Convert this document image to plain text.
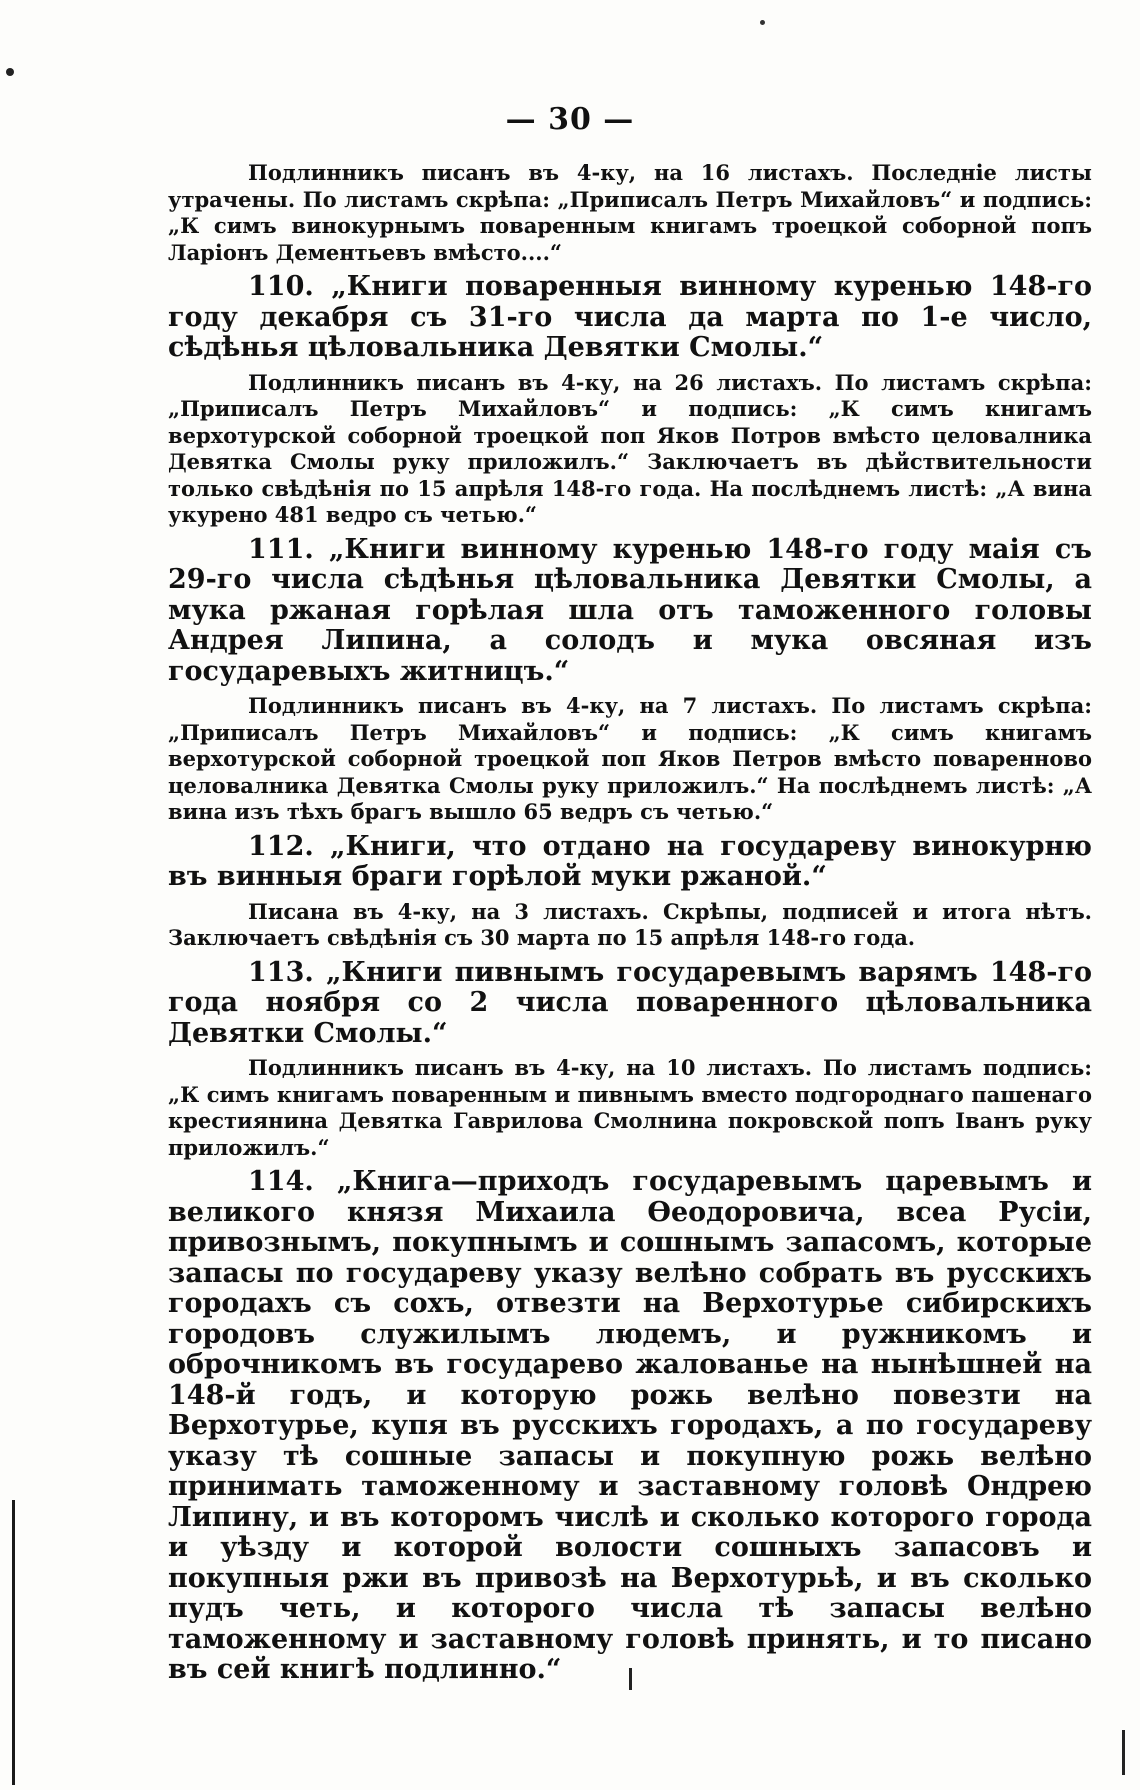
— 30 —

Подлинникъ писанъ въ 4-ку, на 16 листахъ. Последніе листы утрачены. По листамъ скрѣпа: „Приписалъ Петръ Михайловъ“ и подпись: „К симъ винокурнымъ поваренным книгамъ троецкой соборной попъ Ларіонъ Дементьевъ вмѣсто....“

110. „Книги поваренныя винному куренью 148-го году декабря съ 31-го числа да марта по 1-е число, сѣдѣнья цѣловальника Девятки Смолы.“

Подлинникъ писанъ въ 4-ку, на 26 листахъ. По листамъ скрѣпа: „Приписалъ Петръ Михайловъ“ и подпись: „К симъ книгамъ верхотурской соборной троецкой поп Яков Потров вмѣсто целовалника Девятка Смолы руку приложилъ.“ Заключаетъ въ дѣйствительности только свѣдѣнія по 15 апрѣля 148-го года. На послѣднемъ листѣ: „А вина укурено 481 ведро съ четью.“

111. „Книги винному куренью 148-го году маія съ 29-го числа сѣдѣнья цѣловальника Девятки Смолы, а мука ржаная горѣлая шла отъ таможенного головы Андрея Липина, а солодъ и мука овсяная изъ государевыхъ житницъ.“

Подлинникъ писанъ въ 4-ку, на 7 листахъ. По листамъ скрѣпа: „Приписалъ Петръ Михайловъ“ и подпись: „К симъ книгамъ верхотурской соборной троецкой поп Яков Петров вмѣсто поваренново целовалника Девятка Смолы руку приложилъ.“ На послѣднемъ листѣ: „А вина изъ тѣхъ брагъ вышло 65 ведръ съ четью.“

112. „Книги, что отдано на государеву винокурню въ винныя браги горѣлой муки ржаной.“

Писана въ 4-ку, на 3 листахъ. Скрѣпы, подписей и итога нѣтъ. Заключаетъ свѣдѣнія съ 30 марта по 15 апрѣля 148-го года.

113. „Книги пивнымъ государевымъ варямъ 148-го года ноября со 2 числа поваренного цѣловальника Девятки Смолы.“

Подлинникъ писанъ въ 4-ку, на 10 листахъ. По листамъ подпись: „К симъ книгамъ поваренным и пивнымъ вместо подгороднаго пашенаго крестиянина Девятка Гаврилова Смолнина покровской попъ Іванъ руку приложилъ.“

114. „Книга—приходъ государевымъ царевымъ и великого князя Михаила Өеодоровича, всеа Русіи, привознымъ, покупнымъ и сошнымъ запасомъ, которые запасы по государеву указу велѣно собрать въ русскихъ городахъ съ сохъ, отвезти на Верхотурье сибирскихъ городовъ служилымъ людемъ, и ружникомъ и оброчникомъ въ государево жалованье на нынѣшней на 148-й годъ, и которую рожь велѣно повезти на Верхотурье, купя въ русскихъ городахъ, а по государеву указу тѣ сошные запасы и покупную рожь велѣно принимать таможенному и заставному головѣ Ондрею Липину, и въ которомъ числѣ и сколько которого города и уѣзду и которой волости сошныхъ запасовъ и покупныя ржи въ привозѣ на Верхотурьѣ, и въ сколько пудъ четь, и которого числа тѣ запасы велѣно таможенному и заставному головѣ принять, и то писано въ сей книгѣ подлинно.“
